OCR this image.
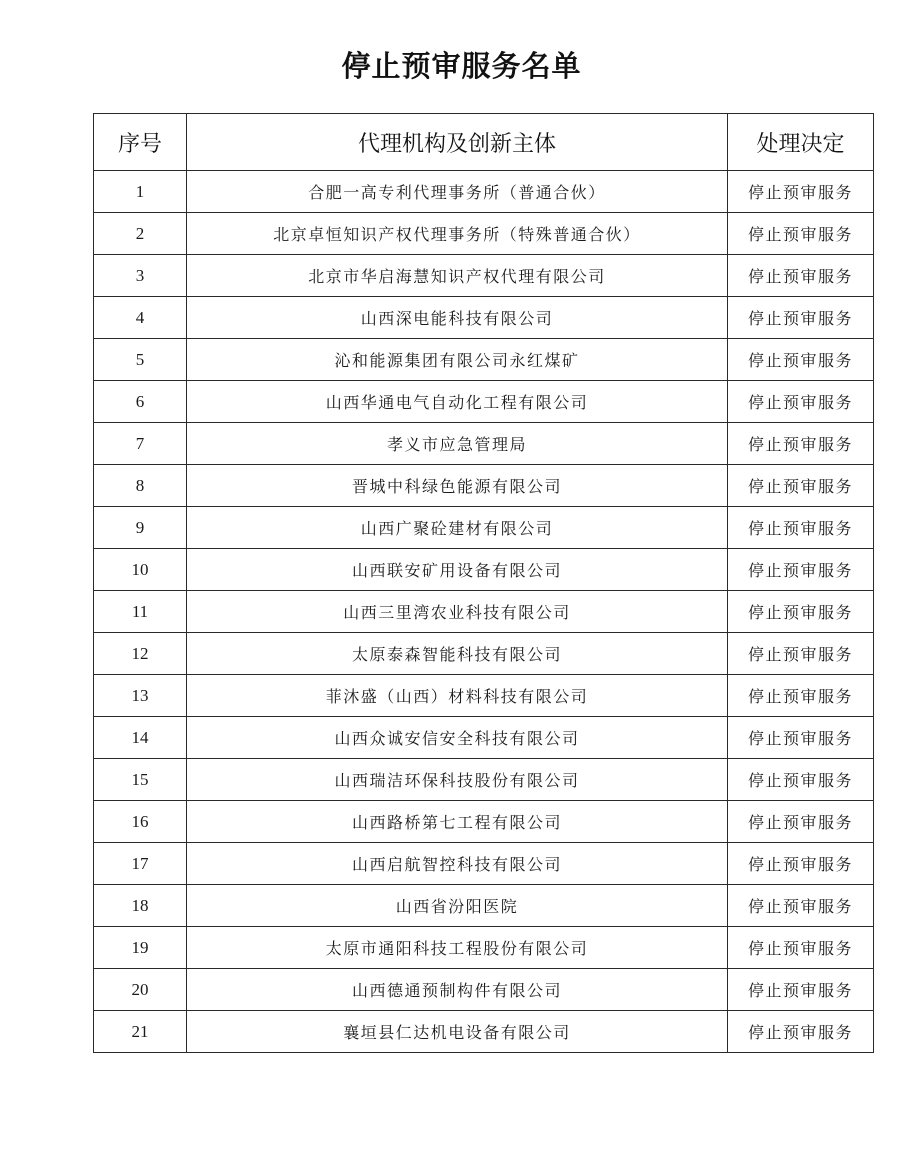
停止预审服务名单
序号	代理机构及创新主体	处理决定
1	合肥一高专利代理事务所（普通合伙）	停止预审服务
2	北京卓恒知识产权代理事务所（特殊普通合伙）	停止预审服务
3	北京市华启海慧知识产权代理有限公司	停止预审服务
4	山西深电能科技有限公司	停止预审服务
5	沁和能源集团有限公司永红煤矿	停止预审服务
6	山西华通电气自动化工程有限公司	停止预审服务
7	孝义市应急管理局	停止预审服务
8	晋城中科绿色能源有限公司	停止预审服务
9	山西广聚砼建材有限公司	停止预审服务
10	山西联安矿用设备有限公司	停止预审服务
11	山西三里湾农业科技有限公司	停止预审服务
12	太原泰森智能科技有限公司	停止预审服务
13	菲沐盛（山西）材料科技有限公司	停止预审服务
14	山西众诚安信安全科技有限公司	停止预审服务
15	山西瑞洁环保科技股份有限公司	停止预审服务
16	山西路桥第七工程有限公司	停止预审服务
17	山西启航智控科技有限公司	停止预审服务
18	山西省汾阳医院	停止预审服务
19	太原市通阳科技工程股份有限公司	停止预审服务
20	山西德通预制构件有限公司	停止预审服务
21	襄垣县仁达机电设备有限公司	停止预审服务
